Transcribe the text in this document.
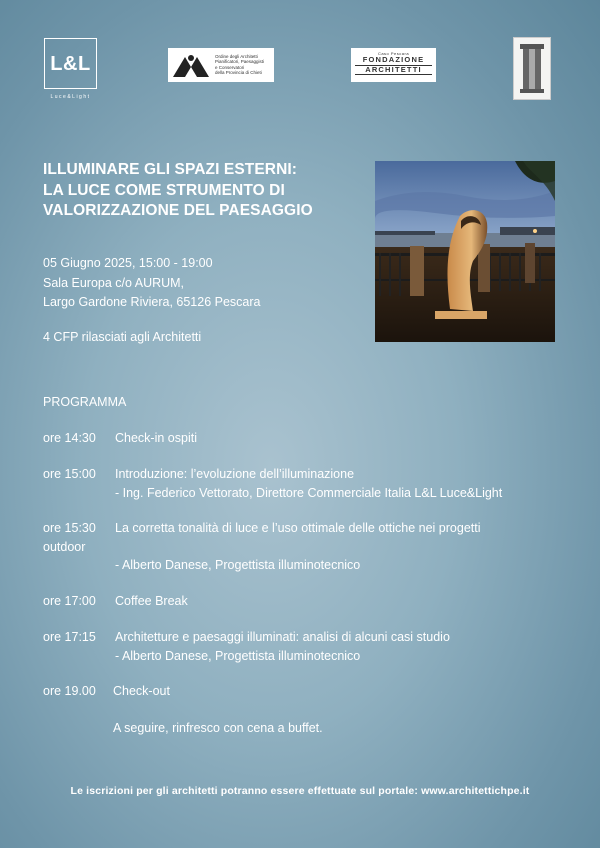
L&L
Luce&Light
Ordine degli Architetti
Pianificatori, Paesaggisti
e Conservatori
della Provincia di Chieti
Caso Pescara
FONDAZIONE
ARCHITETTI
ILLUMINARE GLI SPAZI ESTERNI:
LA LUCE COME STRUMENTO DI
VALORIZZAZIONE DEL PAESAGGIO
05 Giugno 2025, 15:00 - 19:00
Sala Europa c/o AURUM,
Largo Gardone Riviera, 65126 Pescara
4 CFP rilasciati agli Architetti
PROGRAMMA
ore 14:30 Check-in ospiti
ore 15:00 Introduzione: l’evoluzione dell’illuminazione
- Ing. Federico Vettorato, Direttore Commerciale Italia L&L Luce&Light
ore 15:30 La corretta tonalità di luce e l’uso ottimale delle ottiche nei progetti
outdoor
- Alberto Danese, Progettista illuminotecnico
ore 17:00 Coffee Break
ore 17:15 Architetture e paesaggi illuminati: analisi di alcuni casi studio
- Alberto Danese, Progettista illuminotecnico
ore 19.00 Check-out
A seguire, rinfresco con cena a buffet.
Le iscrizioni per gli architetti potranno essere effettuate sul portale: www.architettichpe.it
